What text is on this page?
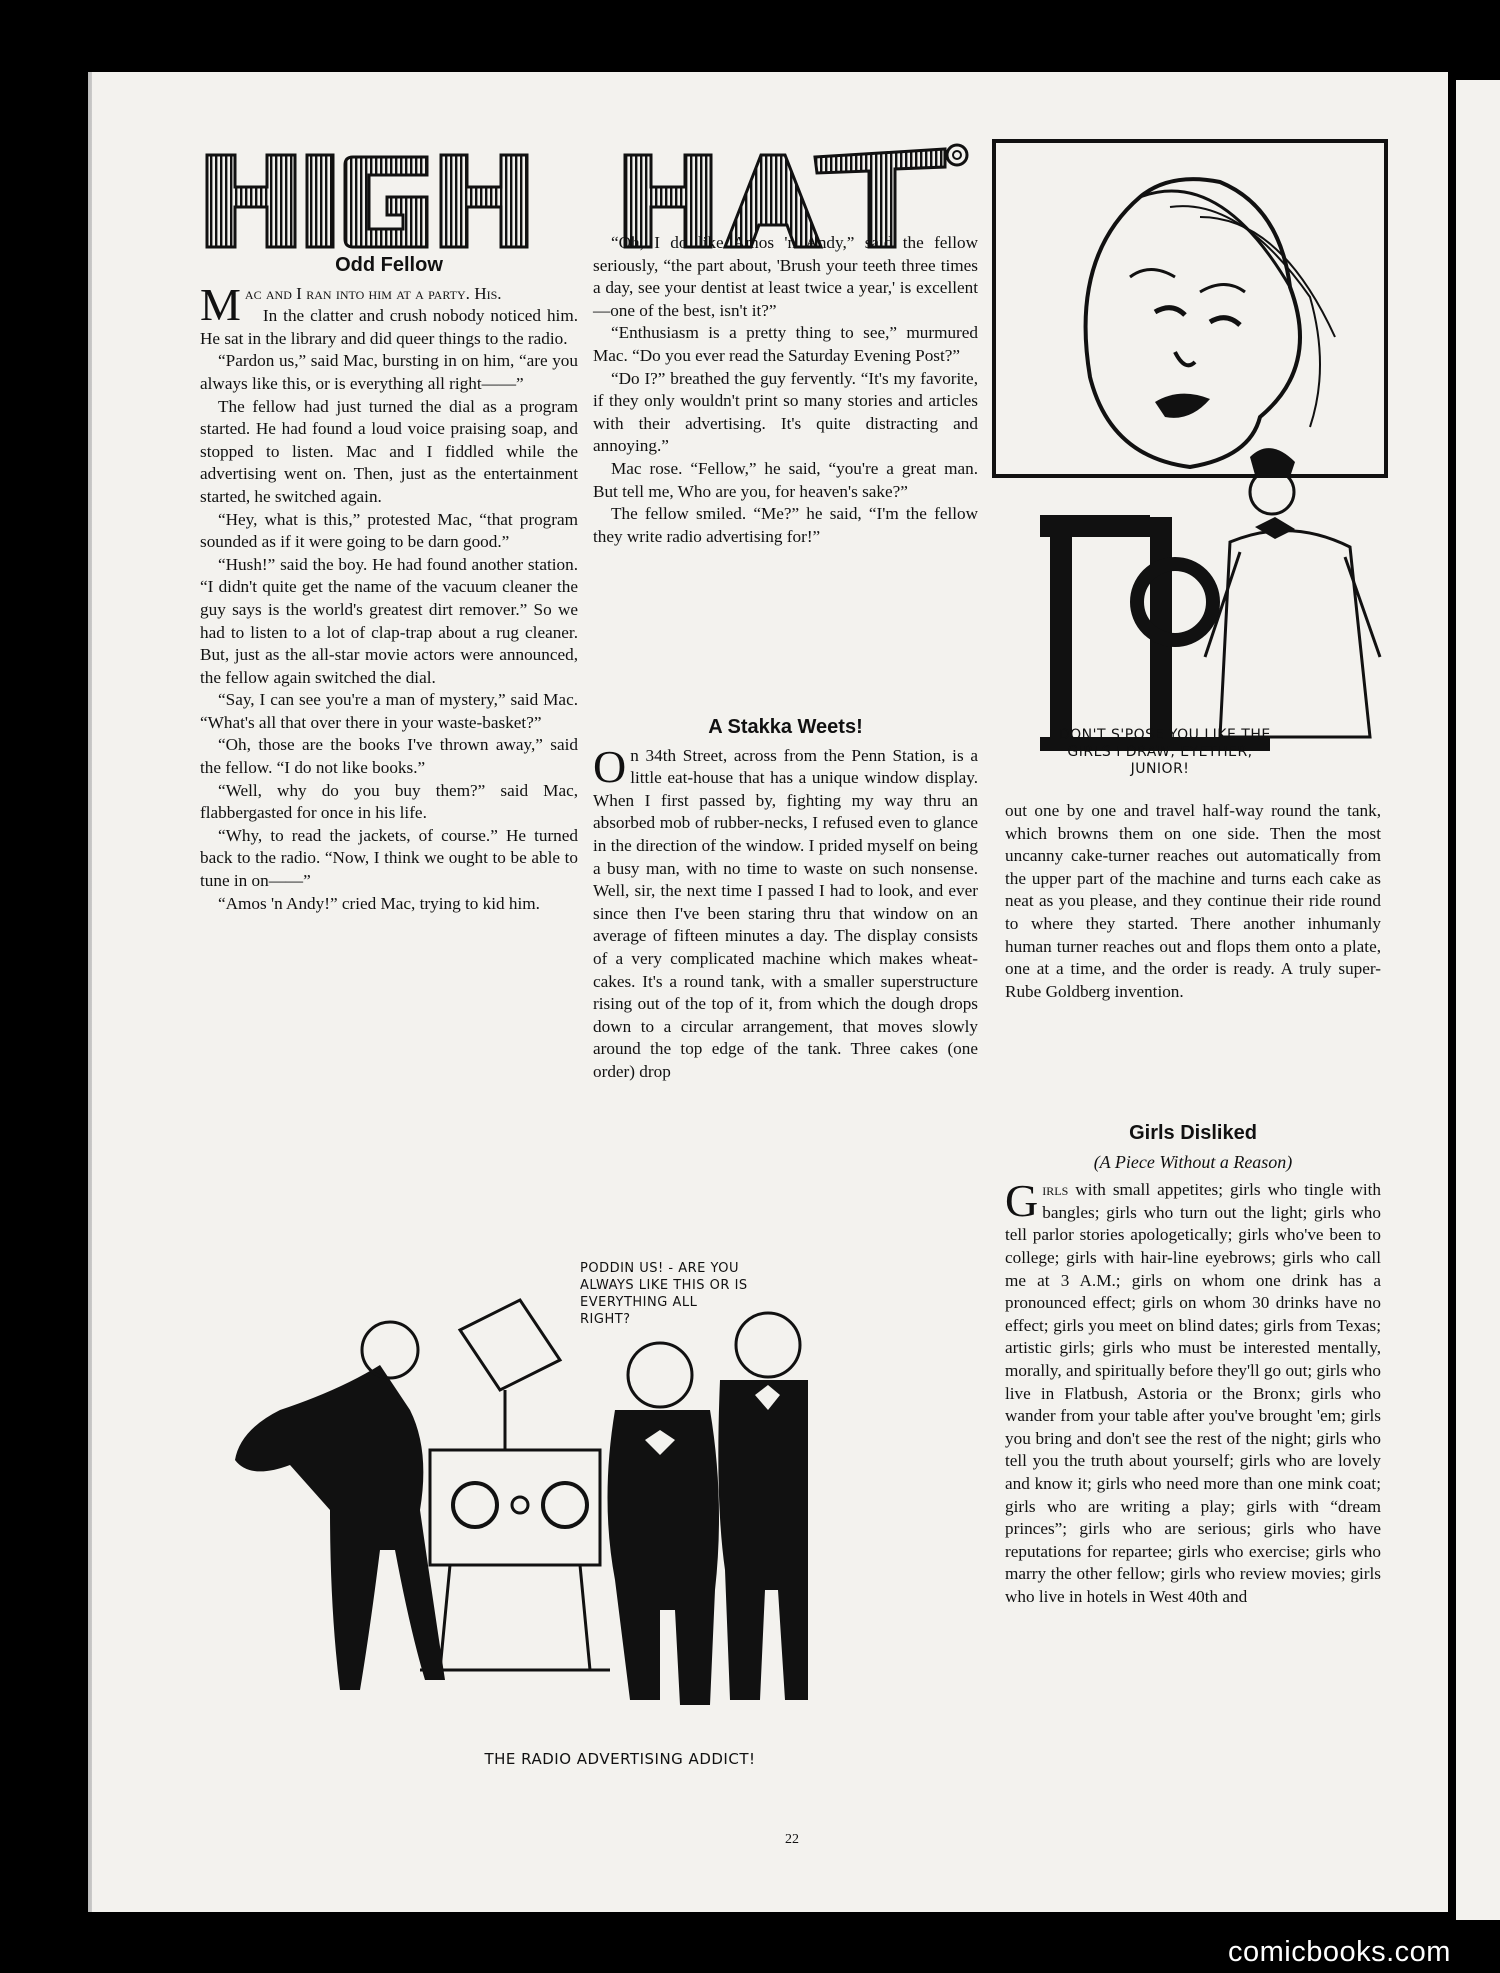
Odd Fellow

Mac and I ran into him at a party. His.

In the clatter and crush nobody noticed him. He sat in the library and did queer things to the radio.

“Pardon us,” said Mac, bursting in on him, “are you always like this, or is everything all right——”

The fellow had just turned the dial as a program started. He had found a loud voice praising soap, and stopped to listen. Mac and I fiddled while the advertising went on. Then, just as the entertainment started, he switched again.

“Hey, what is this,” protested Mac, “that program sounded as if it were going to be darn good.”

“Hush!” said the boy. He had found another station. “I didn't quite get the name of the vacuum cleaner the guy says is the world's greatest dirt remover.” So we had to listen to a lot of clap-trap about a rug cleaner. But, just as the all-star movie actors were announced, the fellow again switched the dial.

“Say, I can see you're a man of mystery,” said Mac. “What's all that over there in your waste-basket?”

“Oh, those are the books I've thrown away,” said the fellow. “I do not like books.”

“Well, why do you buy them?” said Mac, flabbergasted for once in his life.

“Why, to read the jackets, of course.” He turned back to the radio. “Now, I think we ought to be able to tune in on——”

“Amos 'n Andy!” cried Mac, trying to kid him.

“Oh, I do like Amos 'n Andy,” said the fellow seriously, “the part about, 'Brush your teeth three times a day, see your dentist at least twice a year,' is excellent—one of the best, isn't it?”

“Enthusiasm is a pretty thing to see,” murmured Mac. “Do you ever read the Saturday Evening Post?”

“Do I?” breathed the guy fervently. “It's my favorite, if they only wouldn't print so many stories and articles with their advertising. It's quite distracting and annoying.”

Mac rose. “Fellow,” he said, “you're a great man. But tell me, Who are you, for heaven's sake?”

The fellow smiled. “Me?” he said, “I'm the fellow they write radio advertising for!”

A Stakka Weets!

On 34th Street, across from the Penn Station, is a little eat-house that has a unique window display. When I first passed by, fighting my way thru an absorbed mob of rubber-necks, I refused even to glance in the direction of the window. I prided myself on being a busy man, with no time to waste on such nonsense. Well, sir, the next time I passed I had to look, and ever since then I've been staring thru that window on an average of fifteen minutes a day. The display consists of a very complicated machine which makes wheat-cakes. It's a round tank, with a smaller superstructure rising out of the top of it, from which the dough drops down to a circular arrangement, that moves slowly around the top edge of the tank. Three cakes (one order) drop

out one by one and travel half-way round the tank, which browns them on one side. Then the most uncanny cake-turner reaches out automatically from the upper part of the machine and turns each cake as neat as you please, and they continue their ride round to where they started. There another inhumanly human turner reaches out and flops them onto a plate, one at a time, and the order is ready. A truly super-Rube Goldberg invention.

Girls Disliked
(A Piece Without a Reason)

Girls with small appetites; girls who tingle with bangles; girls who turn out the light; girls who tell parlor stories apologetically; girls who've been to college; girls with hair-line eyebrows; girls who call me at 3 A.M.; girls on whom one drink has a pronounced effect; girls on whom 30 drinks have no effect; girls you meet on blind dates; girls from Texas; artistic girls; girls who must be interested mentally, morally, and spiritually before they'll go out; girls who live in Flatbush, Astoria or the Bronx; girls who wander from your table after you've brought 'em; girls you bring and don't see the rest of the night; girls who tell you the truth about yourself; girls who are lovely and know it; girls who need more than one mink coat; girls who are writing a play; girls with “dream princes”; girls who are serious; girls who have reputations for repartee; girls who exercise; girls who marry the other fellow; girls who review movies; girls who live in hotels in West 40th and

I DON'T S'POSE YOU LIKE THE GIRLS I DRAW, EYETHER, JUNIOR!
PODDIN US! - ARE YOU ALWAYS LIKE THIS OR IS EVERYTHING ALL RIGHT?
THE RADIO ADVERTISING ADDICT!
22
comicbooks.com
